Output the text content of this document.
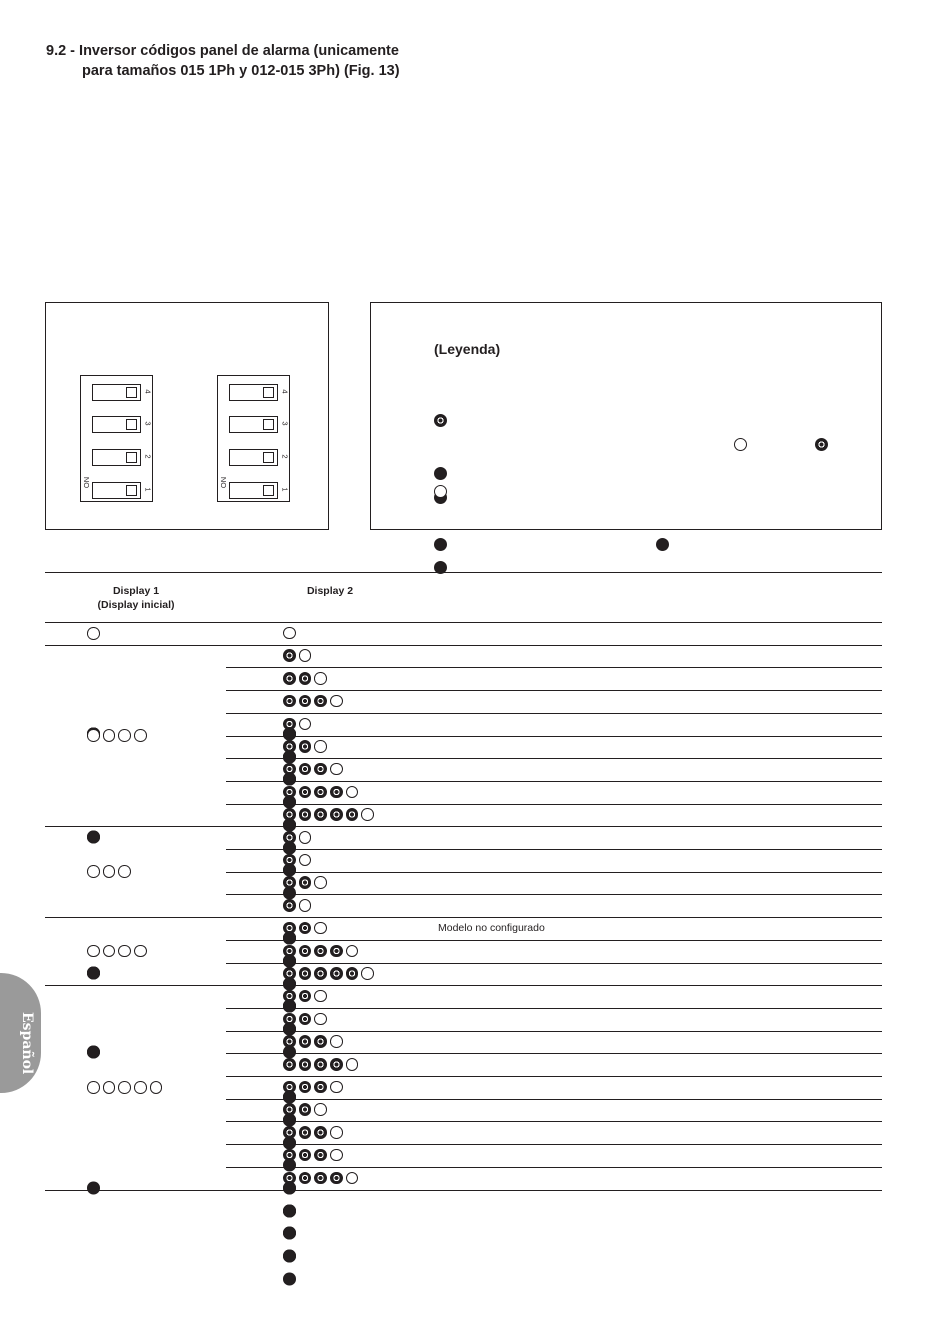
9.2 - Inversor códigos panel de alarma (unicamente
para tamaños 015 1Ph y 012-015 3Ph) (Fig. 13)
4
3
2
1
ON
4
3
2
1
ON
(Leyenda)
Display 1
(Display inicial)
Display 2
Modelo no configurado
Español
